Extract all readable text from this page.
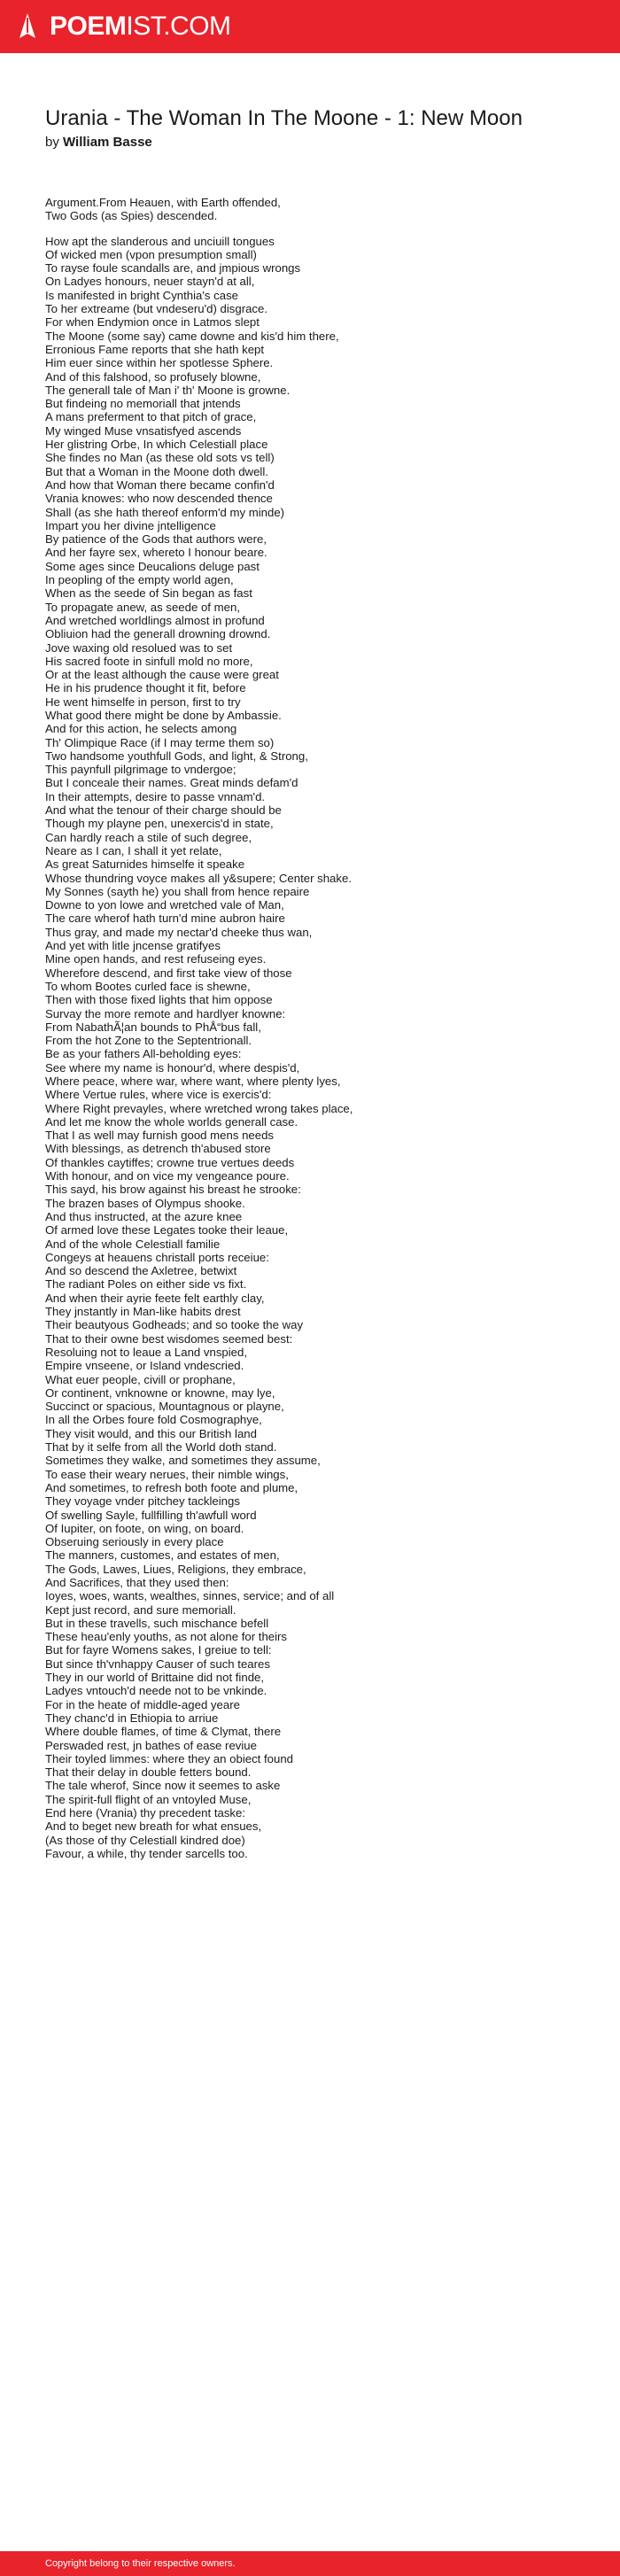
POEMIST.COM
Urania - The Woman In The Moone - 1: New Moon
by William Basse
Argument.From Heauen, with Earth offended,
Two Gods (as Spies) descended.
How apt the slanderous and unciuill tongues
Of wicked men (vpon presumption small)
To rayse foule scandalls are, and jmpious wrongs
On Ladyes honours, neuer stayn'd at all,
Is manifested in bright Cynthia's case
To her extreame (but vndeseru'd) disgrace.
For when Endymion once in Latmos slept
The Moone (some say) came downe and kis'd him there,
Erronious Fame reports that she hath kept
Him euer since within her spotlesse Sphere.
And of this falshood, so profusely blowne,
The generall tale of Man i' th' Moone is growne.
But findeing no memoriall that jntends
A mans preferment to that pitch of grace,
My winged Muse vnsatisfyed ascends
Her glistring Orbe, In which Celestiall place
She findes no Man (as these old sots vs tell)
But that a Woman in the Moone doth dwell.
And how that Woman there became confin'd
Vrania knowes: who now descended thence
Shall (as she hath thereof enform'd my minde)
Impart you her divine jntelligence
By patience of the Gods that authors were,
And her fayre sex, whereto I honour beare.
Some ages since Deucalions deluge past
In peopling of the empty world agen,
When as the seede of Sin began as fast
To propagate anew, as seede of men,
And wretched worldlings almost in profund
Obliuion had the generall drowning drownd.
Jove waxing old resolued was to set
His sacred foote in sinfull mold no more,
Or at the least although the cause were great
He in his prudence thought it fit, before
He went himselfe in person, first to try
What good there might be done by Ambassie.
And for this action, he selects among
Th' Olimpique Race (if I may terme them so)
Two handsome youthfull Gods, and light, & Strong,
This paynfull pilgrimage to vndergoe;
But I conceale their names. Great minds defam'd
In their attempts, desire to passe vnnam'd.
And what the tenour of their charge should be
Though my playne pen, unexercis'd in state,
Can hardly reach a stile of such degree,
Neare as I can, I shall it yet relate,
As great Saturnides himselfe it speake
Whose thundring voyce makes all y&supere; Center shake.
My Sonnes (sayth he) you shall from hence repaire
Downe to yon lowe and wretched vale of Man,
The care wherof hath turn'd mine aubron haire
Thus gray, and made my nectar'd cheeke thus wan,
And yet with litle jncense gratifyes
Mine open hands, and rest refuseing eyes.
Wherefore descend, and first take view of those
To whom Bootes curled face is shewne,
Then with those fixed lights that him oppose
Survay the more remote and hardlyer knowne:
From NabathÃ¦an bounds to PhÅ“bus fall,
From the hot Zone to the Septentrionall.
Be as your fathers All-beholding eyes:
See where my name is honour'd, where despis'd,
Where peace, where war, where want, where plenty lyes,
Where Vertue rules, where vice is exercis'd:
Where Right prevayles, where wretched wrong takes place,
And let me know the whole worlds generall case.
That I as well may furnish good mens needs
With blessings, as detrench th'abused store
Of thankles caytiffes; crowne true vertues deeds
With honour, and on vice my vengeance poure.
This sayd, his brow against his breast he strooke:
The brazen bases of Olympus shooke.
And thus instructed, at the azure knee
Of armed love these Legates tooke their leaue,
And of the whole Celestiall familie
Congeys at heauens christall ports receiue:
And so descend the Axletree, betwixt
The radiant Poles on either side vs fixt.
And when their ayrie feete felt earthly clay,
They jnstantly in Man-like habits drest
Their beautyous Godheads; and so tooke the way
That to their owne best wisdomes seemed best:
Resoluing not to leaue a Land vnspied,
Empire vnseene, or Island vndescried.
What euer people, civill or prophane,
Or continent, vnknowne or knowne, may lye,
Succinct or spacious, Mountagnous or playne,
In all the Orbes foure fold Cosmographye,
They visit would, and this our British land
That by it selfe from all the World doth stand.
Sometimes they walke, and sometimes they assume,
To ease their weary nerues, their nimble wings,
And sometimes, to refresh both foote and plume,
They voyage vnder pitchey tackleings
Of swelling Sayle, fullfilling th'awfull word
Of Iupiter, on foote, on wing, on board.
Obseruing seriously in every place
The manners, customes, and estates of men,
The Gods, Lawes, Liues, Religions, they embrace,
And Sacrifices, that they used then:
Ioyes, woes, wants, wealthes, sinnes, service; and of all
Kept just record, and sure memoriall.
But in these travells, such mischance befell
These heau'enly youths, as not alone for theirs
But for fayre Womens sakes, I greiue to tell:
But since th'vnhappy Causer of such teares
They in our world of Brittaine did not finde,
Ladyes vntouch'd neede not to be vnkinde.
For in the heate of middle-aged yeare
They chanc'd in Ethiopia to arriue
Where double flames, of time & Clymat, there
Perswaded rest, jn bathes of ease reviue
Their toyled limmes: where they an obiect found
That their delay in double fetters bound.
The tale wherof, Since now it seemes to aske
The spirit-full flight of an vntoyled Muse,
End here (Vrania) thy precedent taske:
And to beget new breath for what ensues,
(As those of thy Celestiall kindred doe)
Favour, a while, thy tender sarcells too.
Copyright belong to their respective owners.
